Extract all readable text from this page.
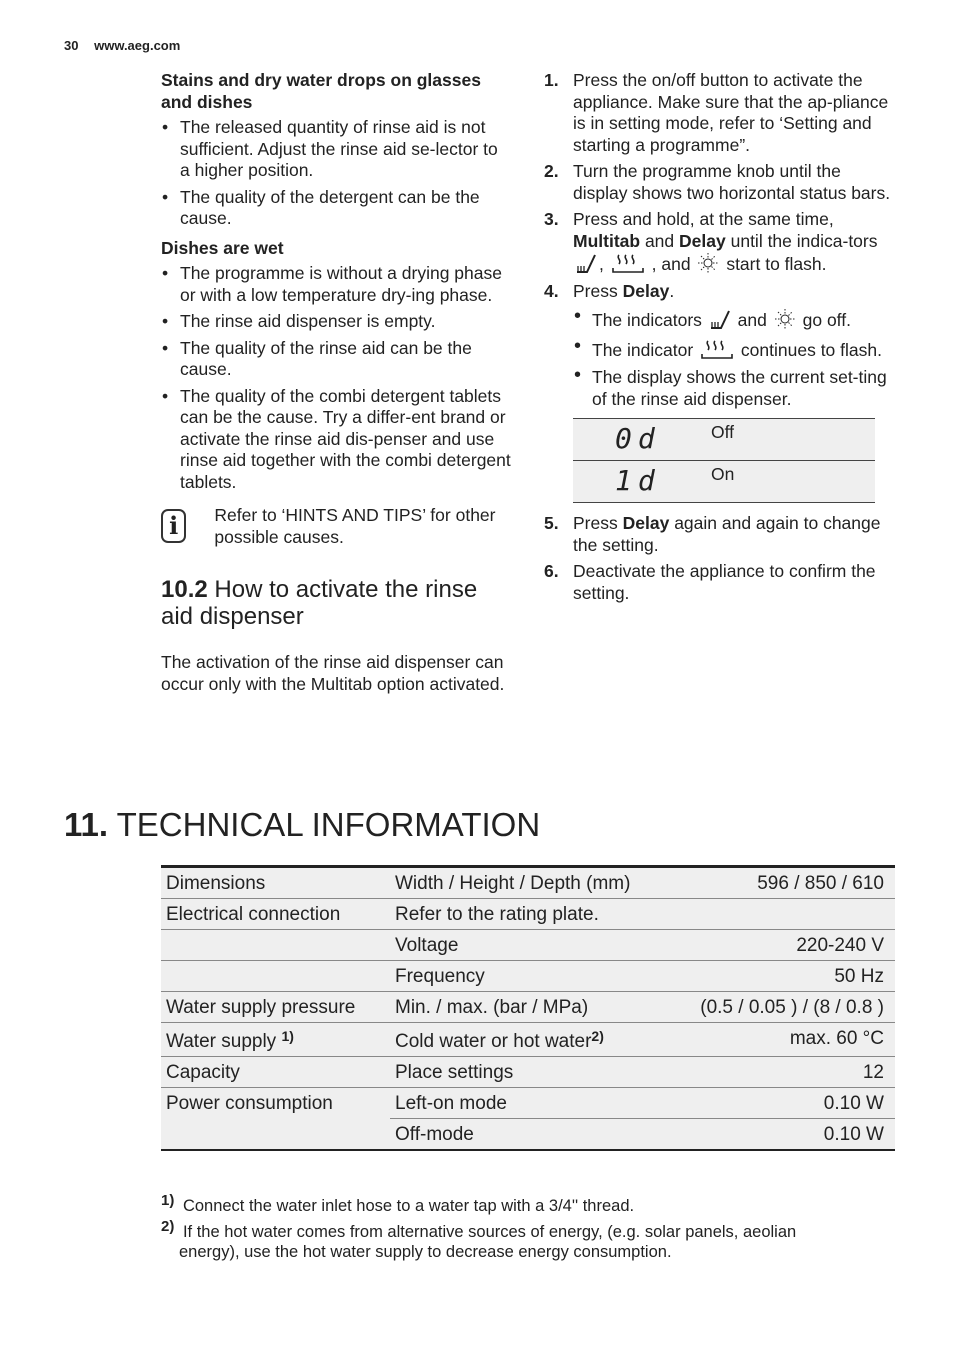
30 www.aeg.com
Stains and dry water drops on glasses and dishes
• The released quantity of rinse aid is not sufficient. Adjust the rinse aid se-lector to a higher position.
• The quality of the detergent can be the cause.
Dishes are wet
• The programme is without a drying phase or with a low temperature dry-ing phase.
• The rinse aid dispenser is empty.
• The quality of the rinse aid can be the cause.
• The quality of the combi detergent tablets can be the cause. Try a differ-ent brand or activate the rinse aid dis-penser and use rinse aid together with the combi detergent tablets.
i	Refer to ‘HINTS AND TIPS’ for other possible causes.
10.2 How to activate the rinse aid dispenser
The activation of the rinse aid dispenser can occur only with the Multitab option activated.
1. Press the on/off button to activate the appliance. Make sure that the ap-pliance is in setting mode, refer to ‘Setting and starting a programme”.
2. Turn the programme knob until the display shows two horizontal status bars.
3. Press and hold, at the same time, Multitab and Delay until the indica-tors ,	, and start to flash.
4. Press Delay.
• The indicators and go off.
• The indicator	continues to flash.
• The display shows the current set-ting of the rinse aid dispenser.
0d	Off
1d	On
5. Press Delay again and again to change the setting.
6. Deactivate the appliance to confirm the setting.
11. TECHNICAL INFORMATION
Dimensions	Width / Height / Depth (mm)	596 / 850 / 610
Electrical connection	Refer to the rating plate.	
	Voltage	220-240 V
	Frequency	50 Hz
Water supply pressure	Min. / max. (bar / MPa)	(0.5 / 0.05 ) / (8 / 0.8 )
Water supply $^{1)}$	Cold water or hot water$^{2)}$	max. 60 °C
Capacity	Place settings	12
Power consumption	Left-on mode	0.10 W
	Off-mode	0.10 W
$^{1)}$ Connect the water inlet hose to a water tap with a 3/4'' thread.
$^{2)}$ If the hot water comes from alternative sources of energy, (e.g. solar panels, aeolian
energy), use the hot water supply to decrease energy consumption.
